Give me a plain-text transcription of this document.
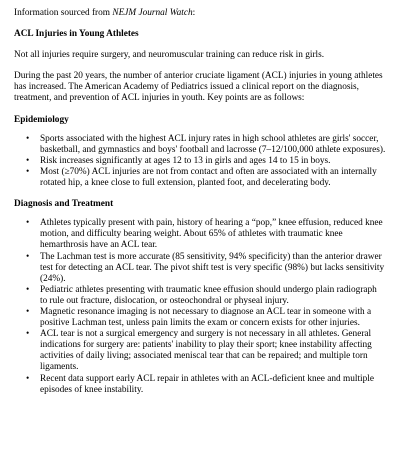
Information sourced from NEJM Journal Watch:

ACL Injuries in Young Athletes

Not all injuries require surgery, and neuromuscular training can reduce risk in girls.

During the past 20 years, the number of anterior cruciate ligament (ACL) injuries in young athletes has increased. The American Academy of Pediatrics issued a clinical report on the diagnosis, treatment, and prevention of ACL injuries in youth. Key points are as follows:

Epidemiology

• Sports associated with the highest ACL injury rates in high school athletes are girls' soccer, basketball, and gymnastics and boys' football and lacrosse (7–12/100,000 athlete exposures).
• Risk increases significantly at ages 12 to 13 in girls and ages 14 to 15 in boys.
• Most (≥70%) ACL injuries are not from contact and often are associated with an internally rotated hip, a knee close to full extension, planted foot, and decelerating body.

Diagnosis and Treatment

• Athletes typically present with pain, history of hearing a “pop,” knee effusion, reduced knee motion, and difficulty bearing weight. About 65% of athletes with traumatic knee hemarthrosis have an ACL tear.
• The Lachman test is more accurate (85 sensitivity, 94% specificity) than the anterior drawer test for detecting an ACL tear. The pivot shift test is very specific (98%) but lacks sensitivity (24%).
• Pediatric athletes presenting with traumatic knee effusion should undergo plain radiograph to rule out fracture, dislocation, or osteochondral or physeal injury.
• Magnetic resonance imaging is not necessary to diagnose an ACL tear in someone with a positive Lachman test, unless pain limits the exam or concern exists for other injuries.
• ACL tear is not a surgical emergency and surgery is not necessary in all athletes. General indications for surgery are: patients' inability to play their sport; knee instability affecting activities of daily living; associated meniscal tear that can be repaired; and multiple torn ligaments.
• Recent data support early ACL repair in athletes with an ACL-deficient knee and multiple episodes of knee instability.
